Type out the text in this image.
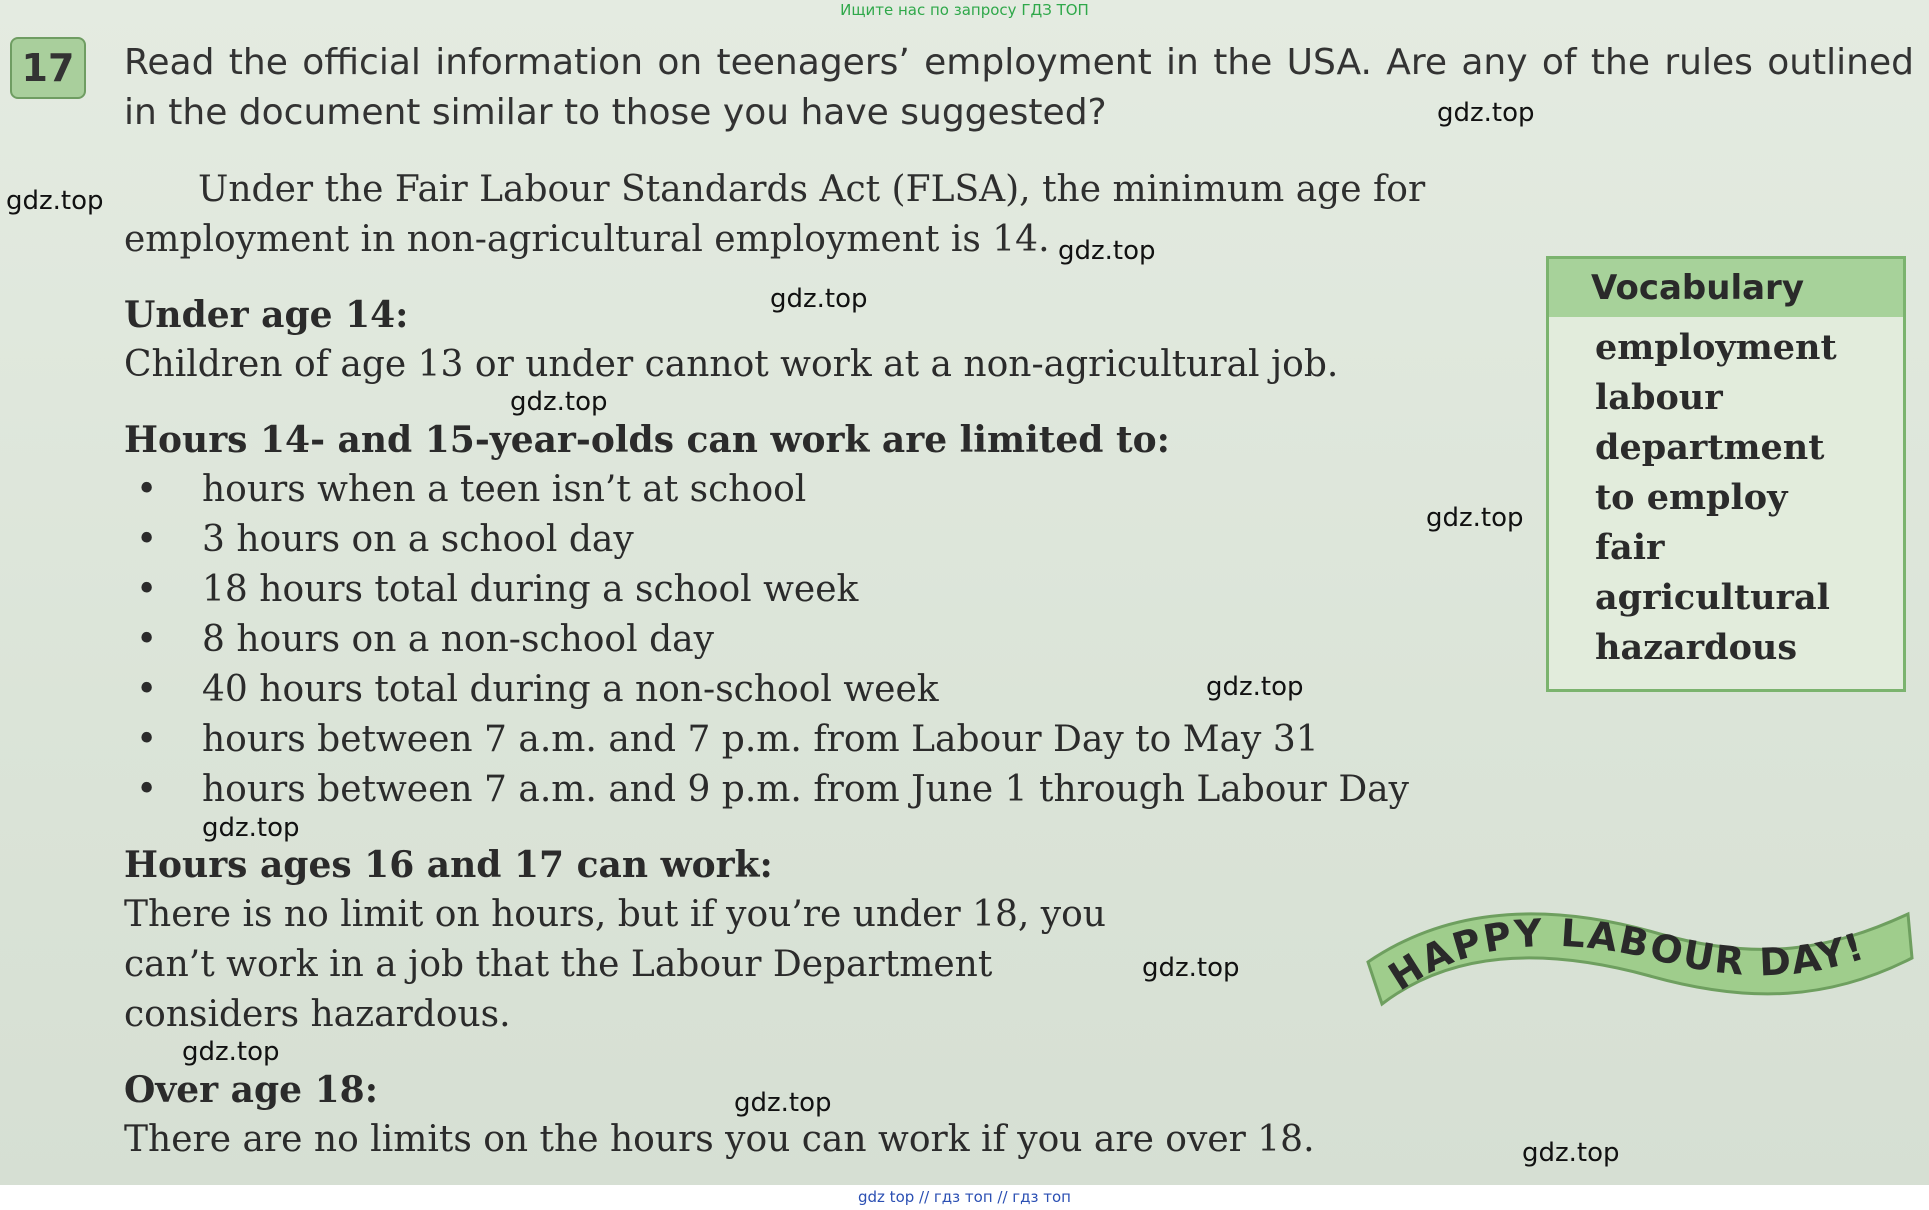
Ищите нас по запросу ГДЗ ТОП
17	Read the official information on teenagers’ employment in the USA. Are any of the rules outlined in the document similar to those you have suggested?
Under the Fair Labour Standards Act (FLSA), the minimum age for employment in non-agricultural employment is 14.
Under age 14:
Children of age 13 or under cannot work at a non-agricultural job.
Hours 14- and 15-year-olds can work are limited to:
• hours when a teen isn’t at school
• 3 hours on a school day
• 18 hours total during a school week
• 8 hours on a non-school day
• 40 hours total during a non-school week
• hours between 7 a.m. and 7 p.m. from Labour Day to May 31
• hours between 7 a.m. and 9 p.m. from June 1 through Labour Day
Hours ages 16 and 17 can work:
There is no limit on hours, but if you’re under 18, you
can’t work in a job that the Labour Department
considers hazardous.
Over age 18:
There are no limits on the hours you can work if you are over 18.
Vocabulary
employment
labour
department
to employ
fair
agricultural
hazardous
HAPPY LABOUR DAY!
gdz.top
gdz.top
gdz.top
gdz.top
gdz.top
gdz.top
gdz.top
gdz.top
gdz.top
gdz.top
gdz.top
gdz.top
gdz top // гдз топ // гдз топ
